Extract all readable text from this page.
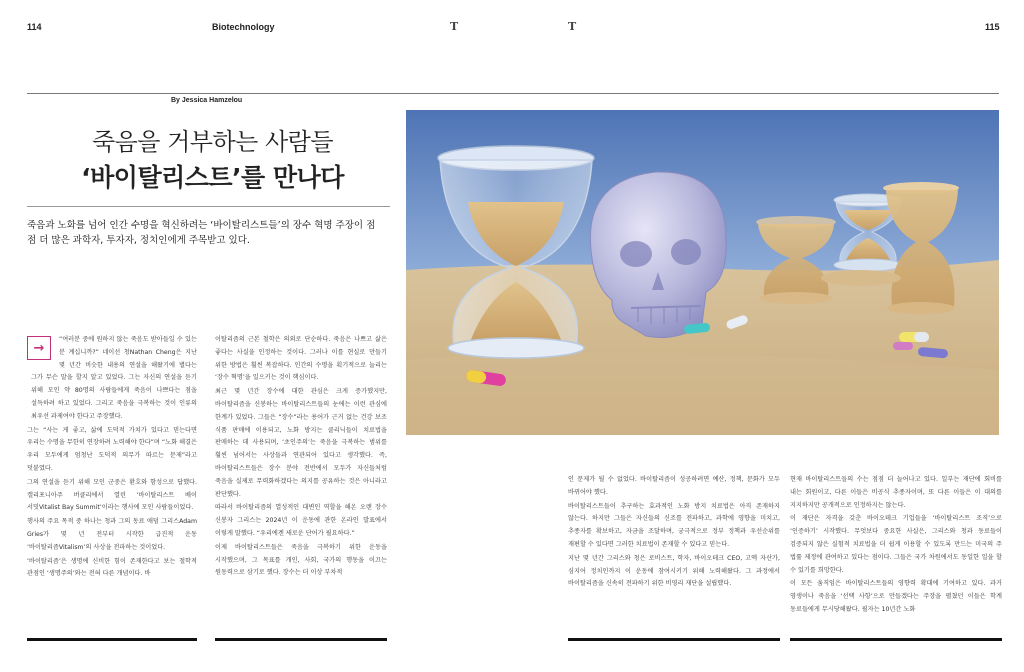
114	Biotechnology	T	T	115
By Jessica Hamzelou
죽음을 거부하는 사람들
‘바이탈리스트’를 만나다
죽음과 노화를 넘어 인간 수명을 혁신하려는 ‘바이탈리스트들’의 장수 혁명 주장이 점점 더 많은 과학자, 투자자, 정치인에게 주목받고 있다.
→

“여러분 중에 원하지 않는 죽음도 받아들일 수 있는 분 계십니까?” 네이선 청Nathan Cheng은 지난 몇 년간 비슷한 내용의 연설을 해왔기에 별다는 그가 무슨 말을 할지 알고 있었다. 그는 자신의 연설을 듣기 위해 모인 약 80명의 사람들에게 죽음이 나쁘다는 점을 설득하려 하고 있었다. 그리고 죽음을 극복하는 것이 인류의 최우선 과제여야 한다고 주장했다.

그는 “사는 게 좋고, 삶에 도덕적 가치가 있다고 믿는다면 우리는 수명을 무한히 연장하려 노력해야 한다”며 “노화 해결은 우리 모두에게 엄청난 도덕적 의무가 따르는 문제”라고 덧붙였다.

그의 연설을 듣기 위해 모인 군중은 환호와 함성으로 답했다. 캘리포니아주 버클리에서 열린 ‘바이탈리스트 베이 서밋Vitalist Bay Summit’이라는 행사에 모인 사람들이었다.

행사의 주요 목적 중 하나는 청과 그의 동료 애덤 그리스Adam Gries가 몇 년 전부터 시작한 급진적 운동 ‘바이탈리즘Vitalism’의 사상을 전파하는 것이었다.

‘바이탈리즘’은 생명에 신비한 힘이 존재한다고 보는 철학적 관점인 ‘생명주의’와는 전혀 다른 개념이다. 바

이탈리즘의 근본 철학은 의외로 단순하다. 죽음은 나쁘고 삶은 좋다는 사실을 인정하는 것이다. 그러나 이를 현실로 만들기 위한 방법은 훨씬 복잡하다. 인간의 수명을 획기적으로 늘리는 ‘장수 혁명’을 일으키는 것이 핵심이다.

최근 몇 년간 장수에 대한 관심은 크게 증가했지만, 바이탈리즘을 신봉하는 바이탈리스트들의 눈에는 이런 관심에 한계가 있었다. 그들은 “장수”라는 용어가 근거 없는 건강 보조 식품 판매에 이용되고, 노화 방지는 클리닉들이 치료법을 판매하는 데 사용되며, ‘초인주의’는 죽음을 극복하는 범위를 훨씬 넘어서는 사상들과 연관되어 있다고 생각했다. 즉, 바이탈리스트들은 장수 분야 전반에서 모두가 자신들처럼 죽음을 실제로 무력화하겠다는 의지를 공유하는 것은 아니라고 판단했다.

따라서 바이탈리즘의 열성적인 대변인 역할을 해온 오랜 장수 신봉자 그리스는 2024년 이 운동에 관한 온라인 발표에서 이렇게 말했다. “우리에겐 새로운 단어가 필요하다.”

이제 바이탈리스트들은 죽음을 극복하기 위한 운동을 시작했으며, 그 목표를 개인, 사회, 국가의 행동을 이끄는 원동력으로 삼기로 했다. 장수는 더 이상 부차적

인 문제가 될 수 없었다. 바이탈리즘이 성공하려면 예산, 정책, 문화가 모두 바뀌어야 했다.

바이탈리스트들이 추구하는 효과적인 노화 방지 치료법은 아직 존재하지 않는다. 하지만 그들은 자신들의 신조를 전파하고, 과학에 영향을 미치고, 추종자를 확보하고, 자금을 조달하며, 궁극적으로 정부 정책과 우선순위를 재편할 수 있다면 그러한 치료법이 존재할 수 있다고 믿는다.

지난 몇 년간 그리스와 청은 로비스트, 학자, 바이오테크 CEO, 고액 자산가, 심지어 정치인까지 이 운동에 참여시키기 위해 노력해왔다. 그 과정에서 바이탈리즘을 신속히 전파하기 위한 비영리 재단을 설립했다.

현재 바이탈리스트들의 수는 점점 더 늘어나고 있다. 일부는 재단에 회비를 내는 회원이고, 다른 이들은 비공식 추종자이며, 또 다른 이들은 이 대의를 지지하지만 공개적으로 인정하지는 않는다.

이 재단은 자격을 갖춘 바이오테크 기업들을 ‘바이탈리스트 조직’으로 ‘인증하기’ 시작했다. 무엇보다 중요한 사실은, 그리스와 청과 동료들이 검증되지 않은 실험적 치료법을 더 쉽게 이용할 수 있도록 만드는 미국의 주 법률 제정에 관여하고 있다는 점이다. 그들은 국가 차원에서도 동일한 일을 할 수 있기를 희망한다.

이 모든 움직임은 바이탈리스트들의 영향력 확대에 기여하고 있다. 과거 영생이나 죽음을 ‘선택 사항’으로 만들겠다는 주장을 펼쳤던 이들은 학계 동료들에게 무시당해왔다. 필자는 10년간 노화
